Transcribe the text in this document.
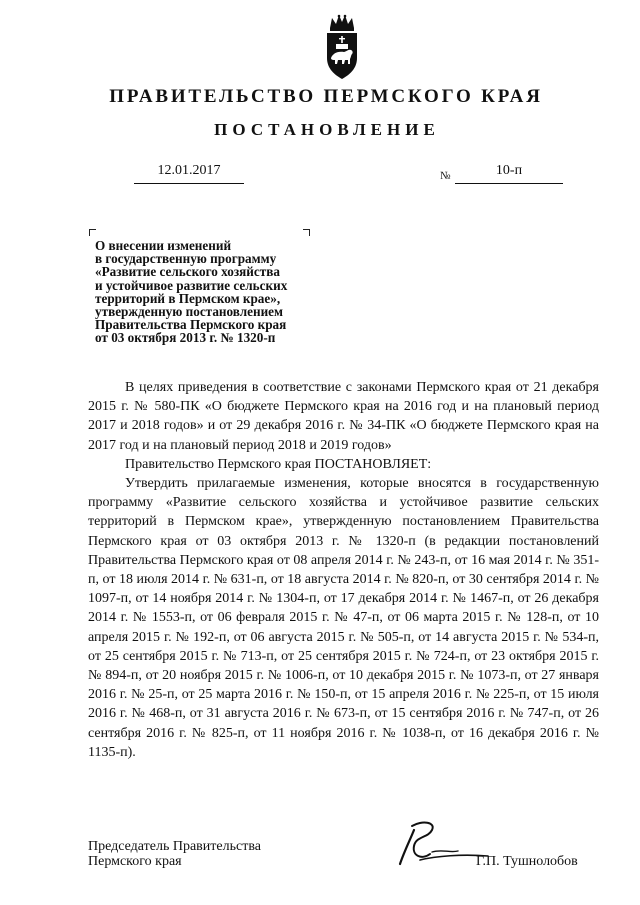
ПРАВИТЕЛЬСТВО ПЕРМСКОГО КРАЯ
ПОСТАНОВЛЕНИЕ
12.01.2017	№	10-п
О внесении изменений
в государственную программу
«Развитие сельского хозяйства
и устойчивое развитие сельских
территорий в Пермском крае»,
утвержденную постановлением
Правительства Пермского края
от 03 октября 2013 г. № 1320-п

В целях приведения в соответствие с законами Пермского края от 21 декабря 2015 г. № 580-ПК «О бюджете Пермского края на 2016 год и на плановый период 2017 и 2018 годов» и от 29 декабря 2016 г. № 34-ПК «О бюджете Пермского края на 2017 год и на плановый период 2018 и 2019 годов»

Правительство Пермского края ПОСТАНОВЛЯЕТ:

Утвердить прилагаемые изменения, которые вносятся в государственную программу «Развитие сельского хозяйства и устойчивое развитие сельских территорий в Пермском крае», утвержденную постановлением Правительства Пермского края от 03 октября 2013 г. № 1320-п (в редакции постановлений Правительства Пермского края от 08 апреля 2014 г. № 243-п, от 16 мая 2014 г. № 351-п, от 18 июля 2014 г. № 631-п, от 18 августа 2014 г. № 820-п, от 30 сентября 2014 г. № 1097-п, от 14 ноября 2014 г. № 1304-п, от 17 декабря 2014 г. № 1467-п, от 26 декабря 2014 г. № 1553-п, от 06 февраля 2015 г. № 47-п, от 06 марта 2015 г. № 128-п, от 10 апреля 2015 г. № 192-п, от 06 августа 2015 г. № 505-п, от 14 августа 2015 г. № 534-п, от 25 сентября 2015 г. № 713-п, от 25 сентября 2015 г. № 724-п, от 23 октября 2015 г. № 894-п, от 20 ноября 2015 г. № 1006-п, от 10 декабря 2015 г. № 1073-п, от 27 января 2016 г. № 25-п, от 25 марта 2016 г. № 150-п, от 15 апреля 2016 г. № 225-п, от 15 июля 2016 г. № 468-п, от 31 августа 2016 г. № 673-п, от 15 сентября 2016 г. № 747-п, от 26 сентября 2016 г. № 825-п, от 11 ноября 2016 г. № 1038-п, от 16 декабря 2016 г. № 1135-п).

Председатель Правительства
Пермского края	Г.П. Тушнолобов
